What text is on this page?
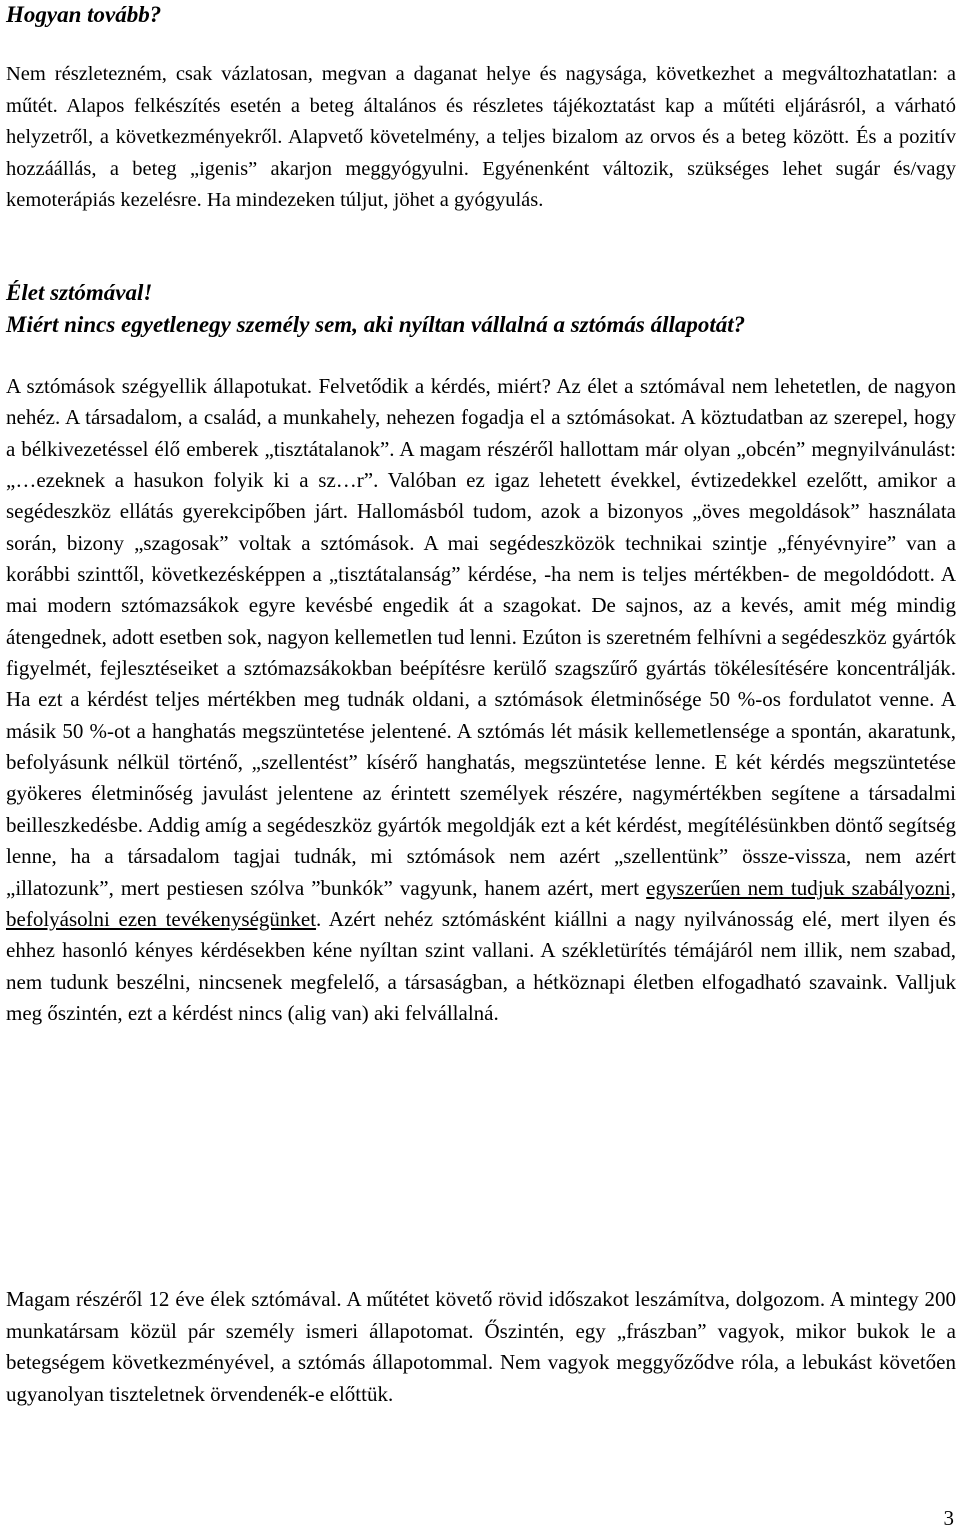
Hogyan tovább?

Nem részletezném, csak vázlatosan, megvan a daganat helye és nagysága, következhet a megváltozhatatlan: a műtét. Alapos felkészítés esetén a beteg általános és részletes tájékoztatást kap a műtéti eljárásról, a várható helyzetről, a következményekről. Alapvető követelmény, a teljes bizalom az orvos és a beteg között. És a pozitív hozzáállás, a beteg „igenis” akarjon meggyógyulni. Egyénenként változik, szükséges lehet sugár és/vagy kemoterápiás kezelésre. Ha mindezeken túljut, jöhet a gyógyulás.

Élet sztómával!
Miért nincs egyetlenegy személy sem, aki nyíltan vállalná a sztómás állapotát?

A sztómások szégyellik állapotukat. Felvetődik a kérdés, miért? Az élet a sztómával nem lehetetlen, de nagyon nehéz. A társadalom, a család, a munkahely, nehezen fogadja el a sztómásokat. A köztudatban az szerepel, hogy a bélkivezetéssel élő emberek „tisztátalanok”. A magam részéről hallottam már olyan „obcén” megnyilvánulást: „…ezeknek a hasukon folyik ki a sz…r”. Valóban ez igaz lehetett évekkel, évtizedekkel ezelőtt, amikor a segédeszköz ellátás gyerekcipőben járt. Hallomásból tudom, azok a bizonyos „öves megoldások” használata során, bizony „szagosak” voltak a sztómások. A mai segédeszközök technikai szintje „fényévnyire” van a korábbi szinttől, következésképpen a „tisztátalanság” kérdése, -ha nem is teljes mértékben- de megoldódott. A mai modern sztómazsákok egyre kevésbé engedik át a szagokat. De sajnos, az a kevés, amit még mindig átengednek, adott esetben sok, nagyon kellemetlen tud lenni. Ezúton is szeretném felhívni a segédeszköz gyártók figyelmét, fejlesztéseiket a sztómazsákokban beépítésre kerülő szagszűrő gyártás tökélesítésére koncentrálják. Ha ezt a kérdést teljes mértékben meg tudnák oldani, a sztómások életminősége 50 %-os fordulatot venne. A másik 50 %-ot a hanghatás megszüntetése jelentené. A sztómás lét másik kellemetlensége a spontán, akaratunk, befolyásunk nélkül történő, „szellentést” kísérő hanghatás, megszüntetése lenne. E két kérdés megszüntetése gyökeres életminőség javulást jelentene az érintett személyek részére, nagymértékben segítene a társadalmi beilleszkedésbe. Addig amíg a segédeszköz gyártók megoldják ezt a két kérdést, megítélésünkben döntő segítség lenne, ha a társadalom tagjai tudnák, mi sztómások nem azért „szellentünk” össze-vissza, nem azért „illatozunk”, mert pestiesen szólva ”bunkók” vagyunk, hanem azért, mert egyszerűen nem tudjuk szabályozni, befolyásolni ezen tevékenységünket. Azért nehéz sztómásként kiállni a nagy nyilvánosság elé, mert ilyen és ehhez hasonló kényes kérdésekben kéne nyíltan szint vallani. A székletürítés témájáról nem illik, nem szabad, nem tudunk beszélni, nincsenek megfelelő, a társaságban, a hétköznapi életben elfogadható szavaink. Valljuk meg őszintén, ezt a kérdést nincs (alig van) aki felvállalná.

Magam részéről 12 éve élek sztómával. A műtétet követő rövid időszakot leszámítva, dolgozom. A mintegy 200 munkatársam közül pár személy ismeri állapotomat. Őszintén, egy „frászban” vagyok, mikor bukok le a betegségem következményével, a sztómás állapotommal. Nem vagyok meggyőződve róla, a lebukást követően ugyanolyan tiszteletnek örvendenék-e előttük.

3
